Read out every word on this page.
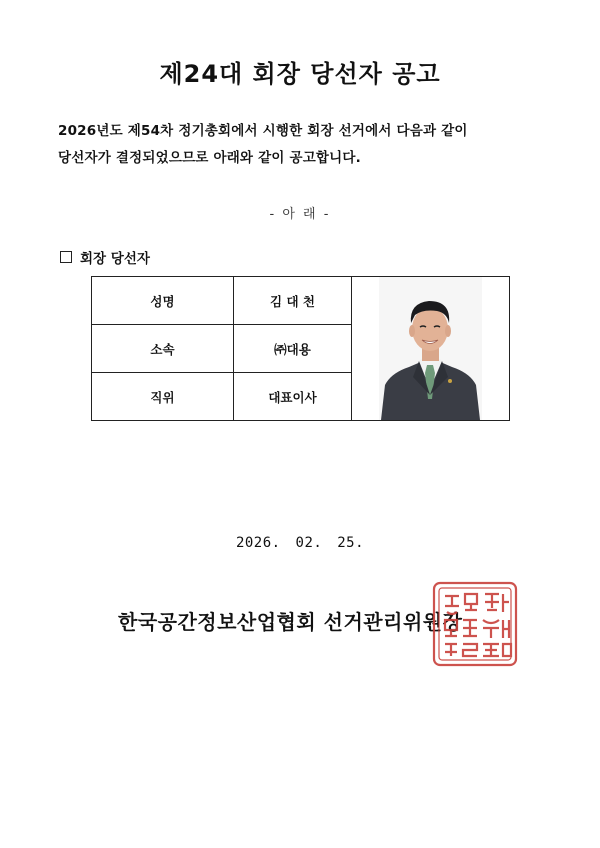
제24대 회장 당선자 공고
2026년도 제54차 정기총회에서 시행한 회장 선거에서 다음과 같이
당선자가 결정되었으므로 아래와 같이 공고합니다.
- 아 래 -
회장 당선자
성명	김 대 천	

소속	㈜대용	
직위	대표이사	
2026. 02. 25.
한국공간정보산업협회 선거관리위원장
